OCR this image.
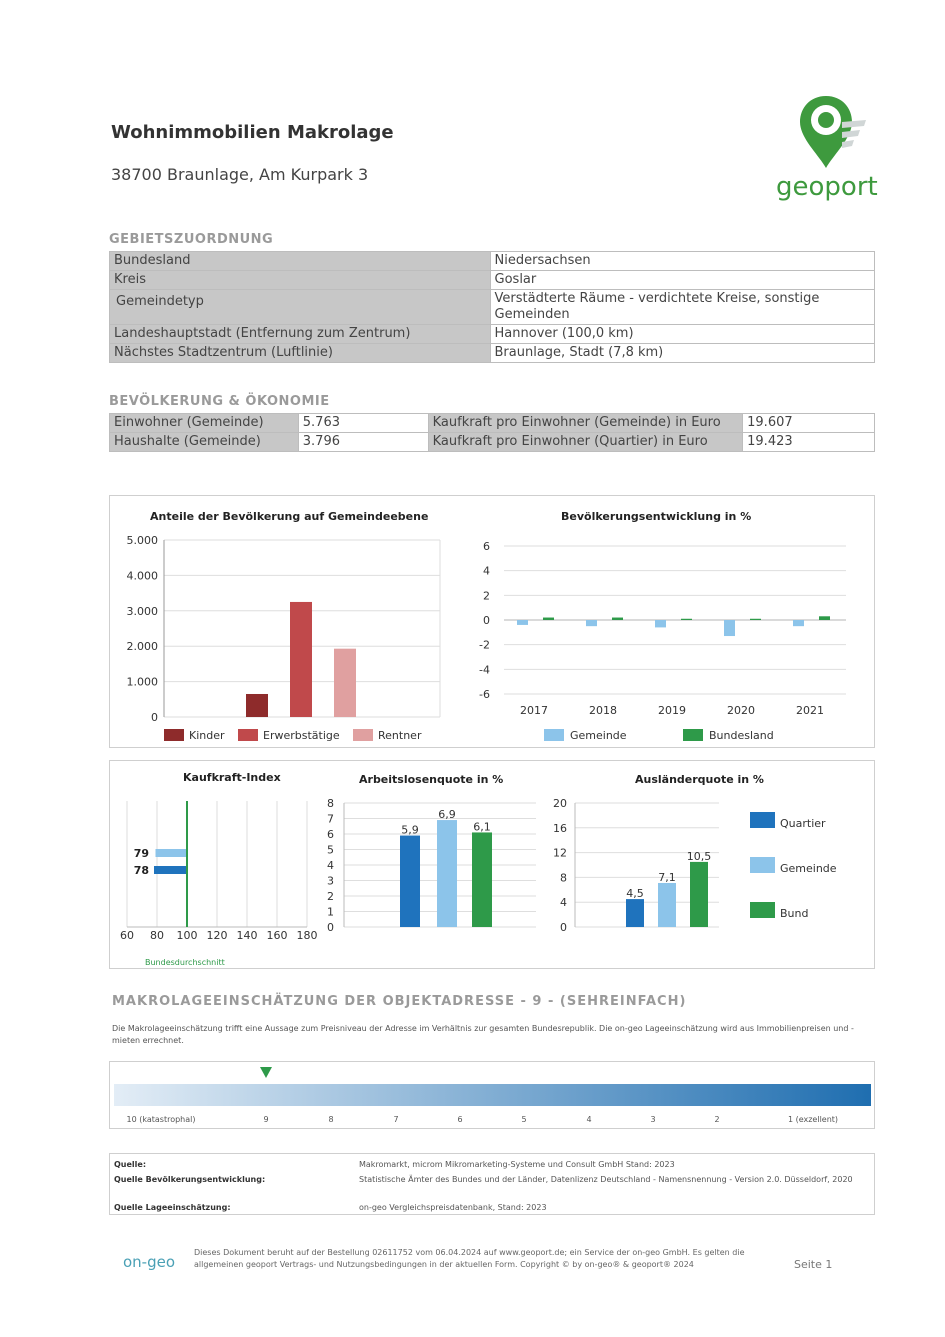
Wohnimmobilien Makrolage
38700 Braunlage, Am Kurpark 3	geoport
GEBIETSZUORDNUNG
Bundesland	Niedersachsen
Kreis	Goslar
Gemeindetyp	Verstädterte Räume - verdichtete Kreise, sonstige Gemeinden
Landeshauptstadt (Entfernung zum Zentrum)	Hannover (100,0 km)
Nächstes Stadtzentrum (Luftlinie)	Braunlage, Stadt (7,8 km)
BEVÖLKERUNG & ÖKONOMIE
Einwohner (Gemeinde)	5.763	Kaufkraft pro Einwohner (Gemeinde) in Euro	19.607
Haushalte (Gemeinde)	3.796	Kaufkraft pro Einwohner (Quartier) in Euro	19.423
Anteile der Bevölkerung auf Gemeindeebene
0
1.000
2.000
3.000
4.000
5.000
Kinder	Erwerbstätige	Rentner
Bevölkerungsentwicklung in %
-6
-4
-2
0
2
4
6
2017	2018	2019	2020	2021
Gemeinde	Bundesland
Kaufkraft-Index
60 80 100 120 140 160 180
79
78
Bundesdurchschnitt
Arbeitslosenquote in %
0
1
2
3
4
5
6
7
8
5,9
6,9
6,1
Ausländerquote in %
0
4
8
12
16
20
4,5
7,1
10,5
Quartier
Gemeinde
Bund
MAKROLAGEEINSCHÄTZUNG DER OBJEKTADRESSE - 9 - (SEHREINFACH)
Die Makrolageeinschätzung trifft eine Aussage zum Preisniveau der Adresse im Verhältnis zur gesamten Bundesrepublik. Die on-geo Lageeinschätzung wird aus Immobilienpreisen und -mieten errechnet.
10 (katastrophal)	9	8	7	6	5	4	3	2	1 (exzellent)
Quelle:	Makromarkt, microm Mikromarketing-Systeme und Consult GmbH Stand: 2023
Quelle Bevölkerungsentwicklung:	Statistische Ämter des Bundes und der Länder, Datenlizenz Deutschland - Namensnennung - Version 2.0. Düsseldorf, 2020
Quelle Lageeinschätzung:	on-geo Vergleichspreisdatenbank, Stand: 2023
on-geo
Dieses Dokument beruht auf der Bestellung 02611752 vom 06.04.2024 auf www.geoport.de; ein Service der on-geo GmbH. Es gelten die allgemeinen geoport Vertrags- und Nutzungsbedingungen in der aktuellen Form. Copyright © by on-geo® & geoport® 2024	Seite 1
